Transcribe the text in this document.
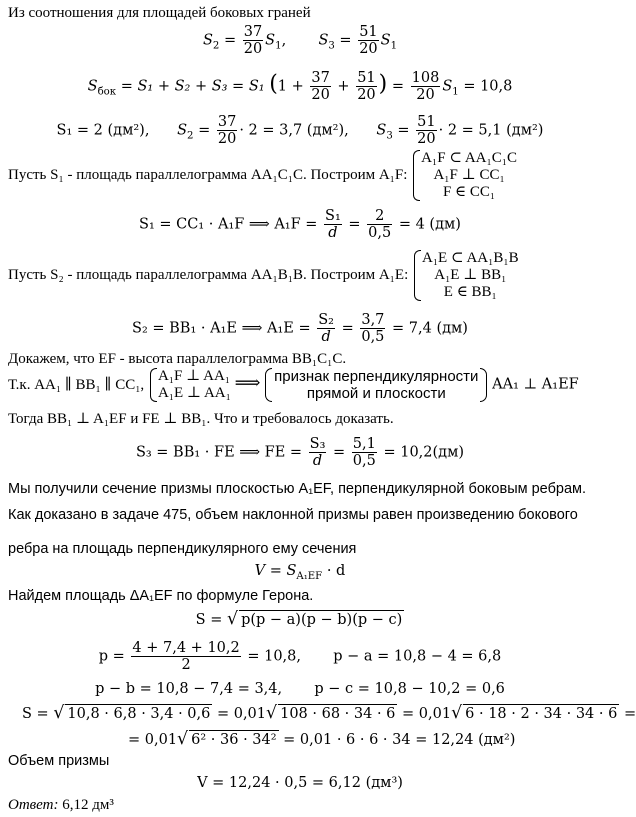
Из соотношения для площадей боковых граней
$S_2 = \frac{37}{20} S_1$,       $S_3 = \frac{51}{20} S_1$
$S_{бок} = S_1 + S_2 + S_3 = S_1$ ($1 + \frac{37}{20} + \frac{51}{20}$ ) = $\frac{108}{20} S_1 = 10,8$
S₁ = 2 (дм²), $S_2 = \frac{37}{20} \cdot 2 = 3,7$ (дм²), $S_3 = \frac{51}{20} \cdot 2 = 5,1$ (дм²)
Пусть S₁ - площадь параллелограмма AA₁C₁C. Построим A₁F:
A₁F ⊂ AA₁C₁C
A₁F ⊥ CC₁
F ∈ CC₁
S₁ = CC₁ · A₁F ⟹ $A_1F = \frac{\text{S₁}}{d} = \frac{2}{0,5} = 4$ (дм)
Пусть S₂ - площадь параллелограмма AA₁B₁B. Построим A₁E:
A₁E ⊂ AA₁B₁B
A₁E ⊥ BB₁
E ∈ BB₁
S₂ = BB₁ · A₁E ⟹ $A_1E = \frac{\text{S₂}}{d} = \frac{3,7}{0,5} = 7,4$ (дм)
Докажем, что EF - высота параллелограмма BB₁C₁C.
Т.к. AA₁ ∥ BB₁ ∥ CC₁,
A₁F ⊥ AA₁
A₁E ⊥ AA₁ ⟹ признак перпендикулярности
прямой и плоскости
AA₁ ⊥ A₁EF
Тогда BB₁ ⊥ A₁EF и FE ⊥ BB₁. Что и требовалось доказать.
S₃ = BB₁ · FE ⟹ FE = $\frac{\text{S₃}}{d} = \frac{5,1}{0,5} = 10,2(дм)$
Мы получили сечение призмы плоскостью A₁EF, перпендикулярной боковым ребрам.
Как доказано в задаче 475, объем наклонной призмы равен произведению бокового
ребра на площадь перпендикулярного ему сечения
$V = S_{A_1EF} \cdot d$
Найдем площадь ΔA₁EF по формуле Герона.
S = √ p(p − a)(p − b)(p − c)
$p = \frac{4 + 7,4 + 10,2}{2} = 10,8$, p − a = 10,8 − 4 = 6,8
p − b = 10,8 − 7,4 = 3,4, p − c = 10,8 − 10,2 = 0,6
S = √ 10,8 · 6,8 · 3,4 · 0,6 = 0,01√ 108 · 68 · 34 · 6 = 0,01√ 6 · 18 · 2 · 34 · 34 · 6 =
= 0,01√ 6² · 36 · 34² = 0,01 · 6 · 6 · 34 = 12,24 (дм²)
Объем призмы
V = 12,24 · 0,5 = 6,12 (дм³)
Ответ: 6,12 дм³
